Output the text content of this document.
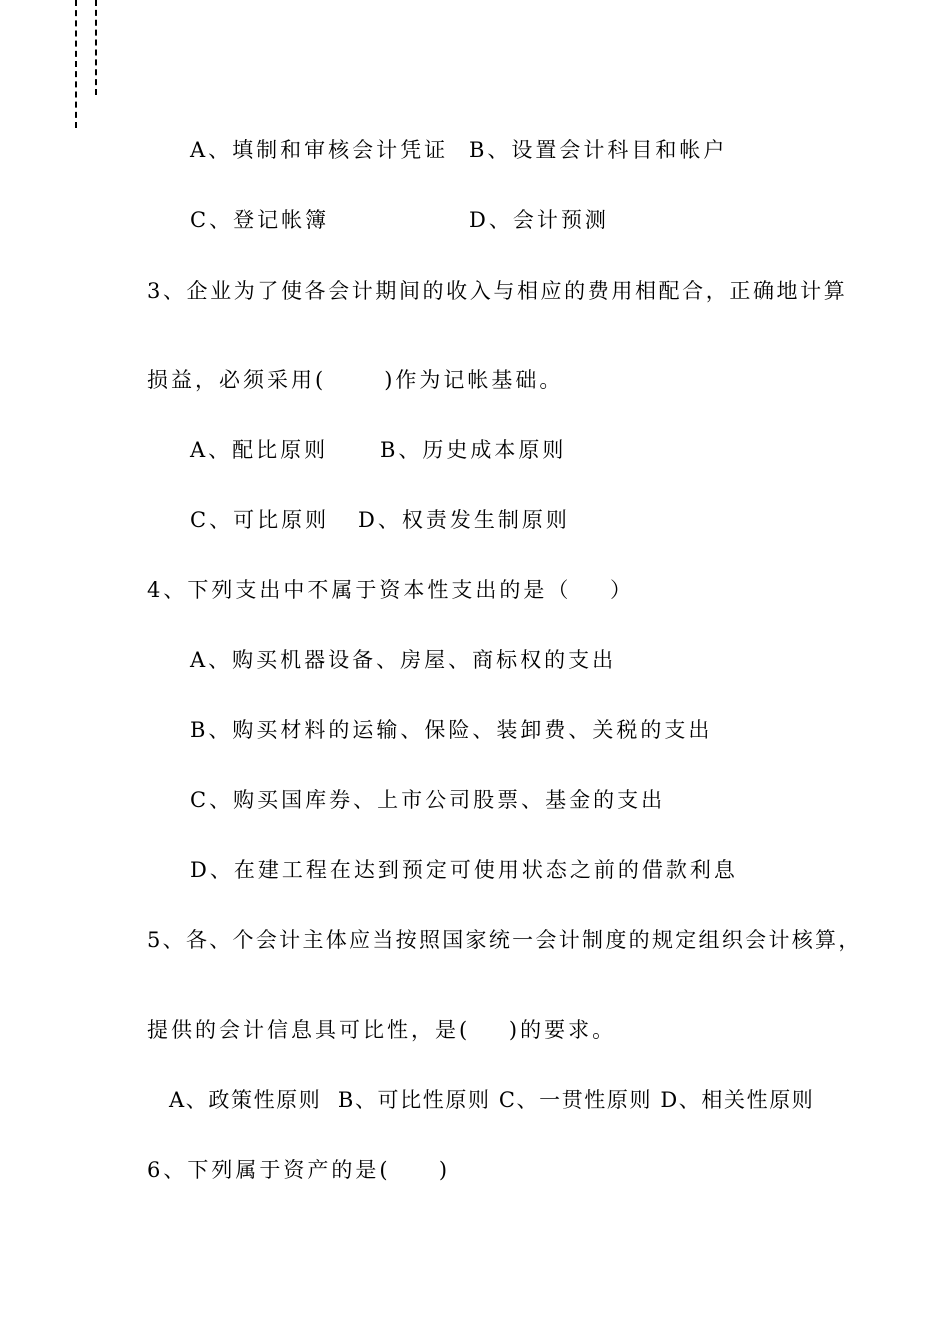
A、填制和审核会计凭证 B、设置会计科目和帐户
C、登记帐簿	D、会计预测
3、企业为了使各会计期间的收入与相应的费用相配合，正确地计算
损益，必须采用(      )作为记帐基础。
A、配比原则 B、历史成本原则
C、可比原则 D、权责发生制原则
4、下列支出中不属于资本性支出的是（    ）
A、购买机器设备、房屋、商标权的支出
B、购买材料的运输、保险、装卸费、关税的支出
C、购买国库券、上市公司股票、基金的支出
D、在建工程在达到预定可使用状态之前的借款利息
5、各、个会计主体应当按照国家统一会计制度的规定组织会计核算，
提供的会计信息具可比性，是(    )的要求。
A、政策性原则  B、可比性原则 C、一贯性原则 D、相关性原则
6、下列属于资产的是(     )
